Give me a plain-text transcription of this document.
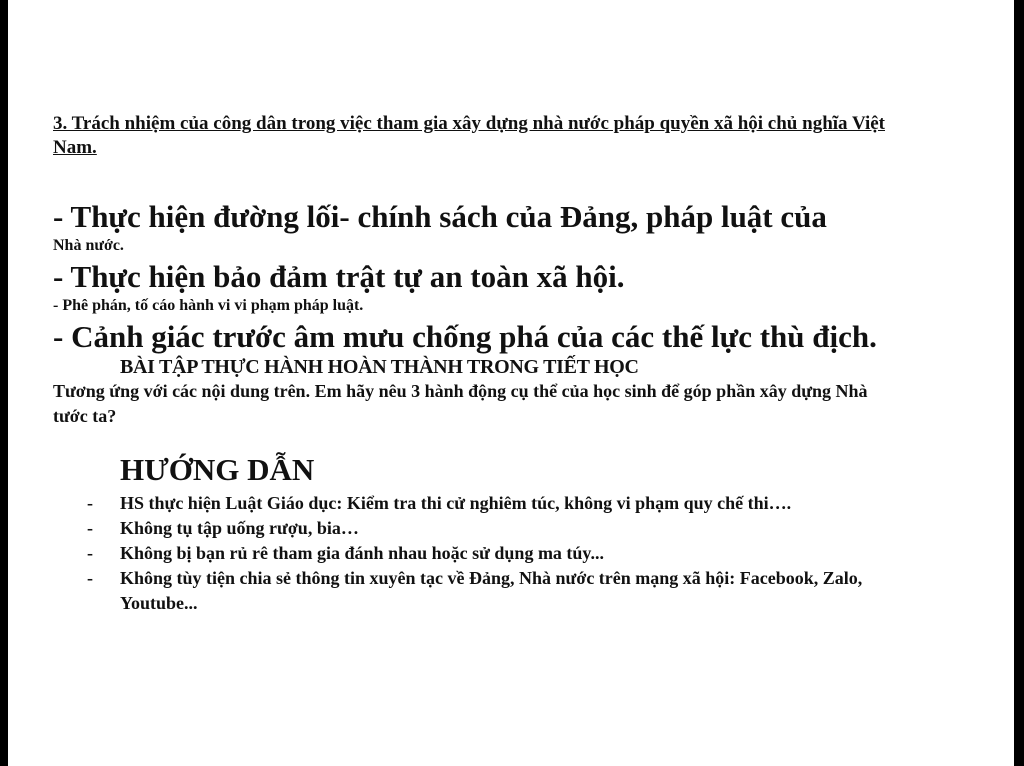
3. Trách nhiệm của công dân trong việc tham gia xây dựng nhà nước pháp quyền xã hội chủ nghĩa Việt Nam.

- Thực hiện đường lối- chính sách của Đảng, pháp luật của

Nhà nước.

- Thực hiện bảo đảm trật tự an toàn xã hội.

- Phê phán, tố cáo hành vi vi phạm pháp luật.

- Cảnh giác trước âm mưu chống phá của các thế lực thù địch.

BÀI TẬP THỰC HÀNH HOÀN THÀNH TRONG TIẾT HỌC

Tương ứng với các nội dung trên. Em hãy nêu 3 hành động cụ thể của học sinh để góp phần xây dựng Nhà tước ta?

HƯỚNG DẪN

- HS thực hiện Luật Giáo dục: Kiểm tra thi cử nghiêm túc, không vi phạm quy chế thi….
- Không tụ tập uống rượu, bia…
- Không bị bạn rủ rê tham gia đánh nhau hoặc sử dụng ma túy...
- Không tùy tiện chia sẻ thông tin xuyên tạc về Đảng, Nhà nước trên mạng xã hội: Facebook, Zalo, Youtube...
